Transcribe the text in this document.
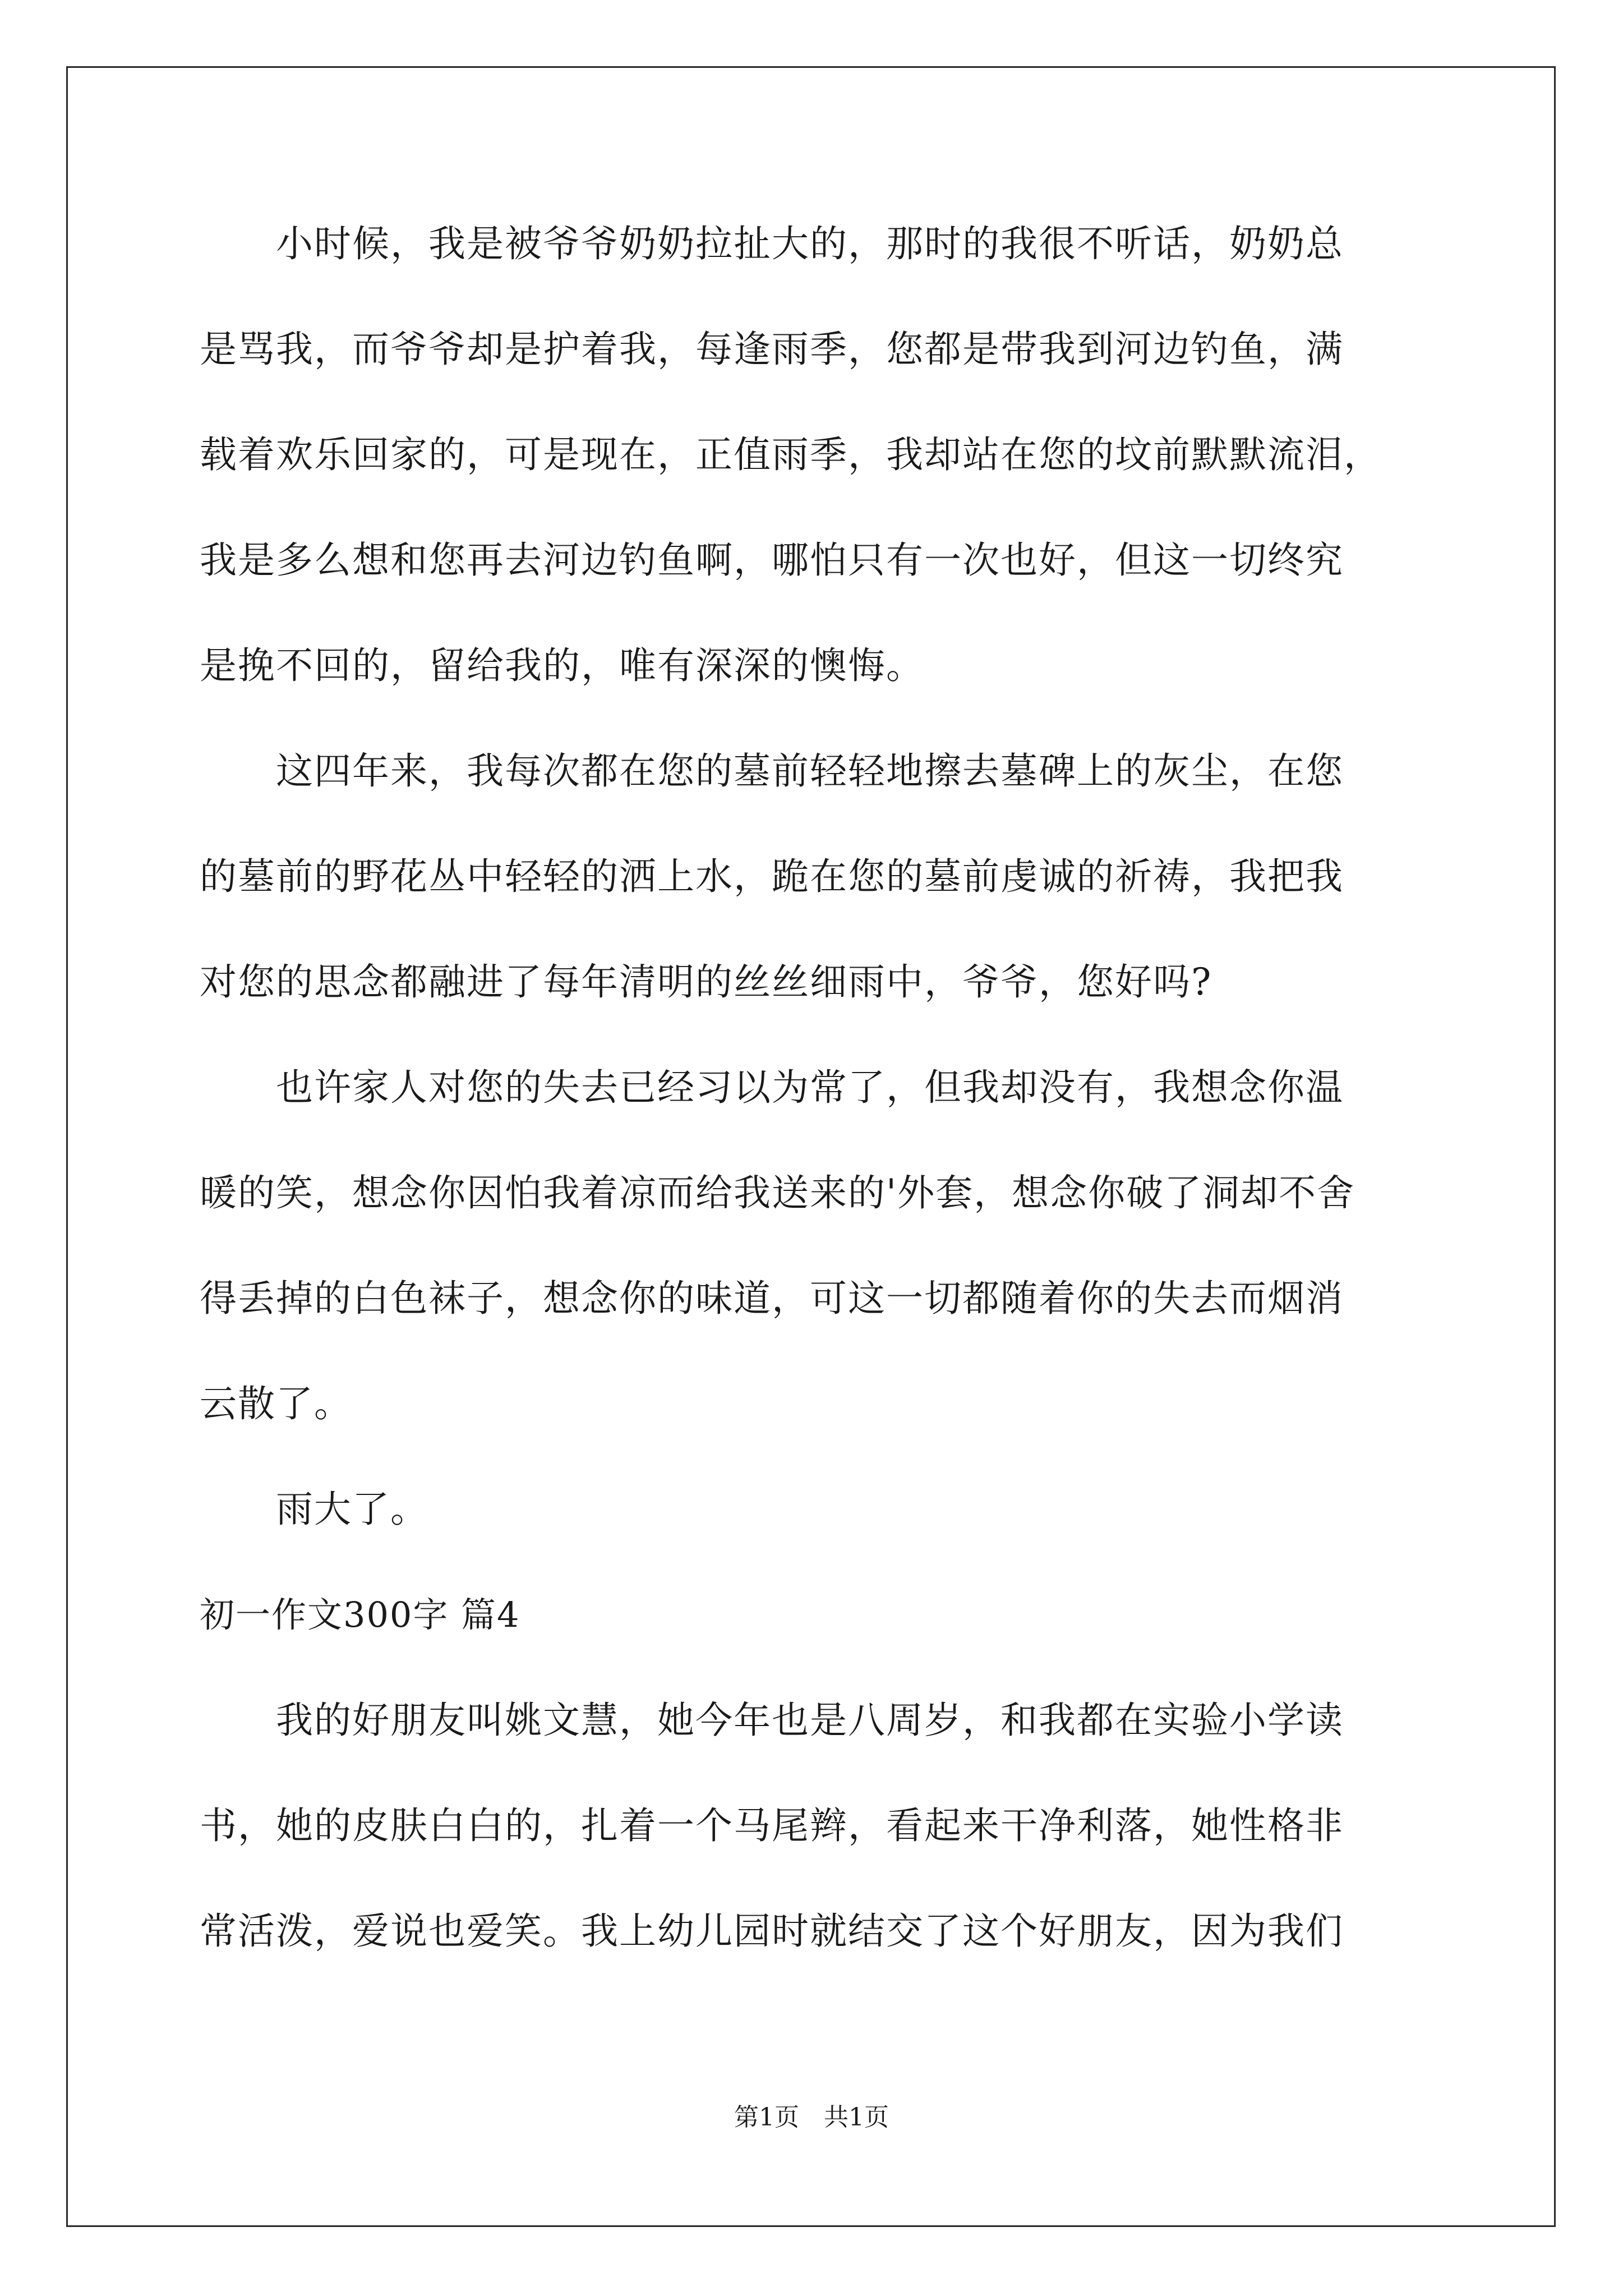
　　小时候，我是被爷爷奶奶拉扯大的，那时的我很不听话，奶奶总
是骂我，而爷爷却是护着我，每逢雨季，您都是带我到河边钓鱼，满
载着欢乐回家的，可是现在，正值雨季，我却站在您的坟前默默流泪，
我是多么想和您再去河边钓鱼啊，哪怕只有一次也好，但这一切终究
是挽不回的，留给我的，唯有深深的懊悔。
　　这四年来，我每次都在您的墓前轻轻地擦去墓碑上的灰尘，在您
的墓前的野花丛中轻轻的洒上水，跪在您的墓前虔诚的祈祷，我把我
对您的思念都融进了每年清明的丝丝细雨中，爷爷，您好吗?
　　也许家人对您的失去已经习以为常了，但我却没有，我想念你温
暖的笑，想念你因怕我着凉而给我送来的'外套，想念你破了洞却不舍
得丢掉的白色袜子，想念你的味道，可这一切都随着你的失去而烟消
云散了。
　　雨大了。
初一作文300字 篇4
　　我的好朋友叫姚文慧，她今年也是八周岁，和我都在实验小学读
书，她的皮肤白白的，扎着一个马尾辫，看起来干净利落，她性格非
常活泼，爱说也爱笑。我上幼儿园时就结交了这个好朋友，因为我们
第1页　共1页
